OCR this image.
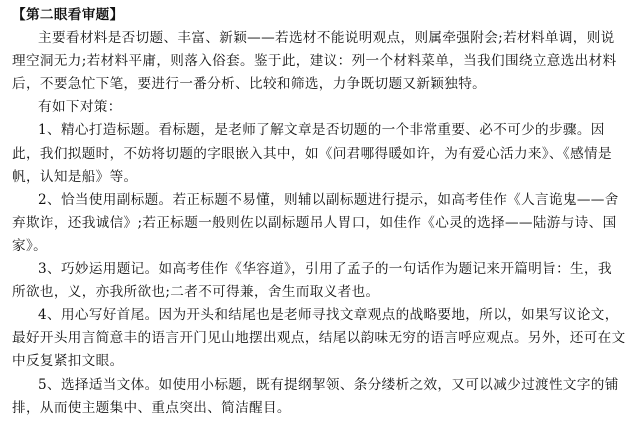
【第二眼看审题】
主要看材料是否切题、丰富、新颖——若选材不能说明观点，则属牵强附会;若材料单调，则说
理空洞无力;若材料平庸，则落入俗套。鉴于此，建议：列一个材料菜单，当我们围绕立意选出材料
后，不要急忙下笔，要进行一番分析、比较和筛选，力争既切题又新颖独特。
有如下对策：
1、精心打造标题。看标题，是老师了解文章是否切题的一个非常重要、必不可少的步骤。因
此，我们拟题时，不妨将切题的字眼嵌入其中，如《问君哪得暖如许，为有爱心活力来》、《感情是
帆，认知是船》等。
2、恰当使用副标题。若正标题不易懂，则辅以副标题进行提示，如高考佳作《人言诡鬼——舍
弃欺诈，还我诚信》;若正标题一般则佐以副标题吊人胃口，如佳作《心灵的选择——陆游与诗、国
家》。
3、巧妙运用题记。如高考佳作《华容道》，引用了孟子的一句话作为题记来开篇明旨：生，我
所欲也，义，亦我所欲也;二者不可得兼，舍生而取义者也。
4、用心写好首尾。因为开头和结尾也是老师寻找文章观点的战略要地，所以，如果写议论文，
最好开头用言简意丰的语言开门见山地摆出观点，结尾以韵味无穷的语言呼应观点。另外，还可在文
中反复紧扣文眼。
5、选择适当文体。如使用小标题，既有提纲挈领、条分缕析之效，又可以减少过渡性文字的铺
排，从而使主题集中、重点突出、简洁醒目。
